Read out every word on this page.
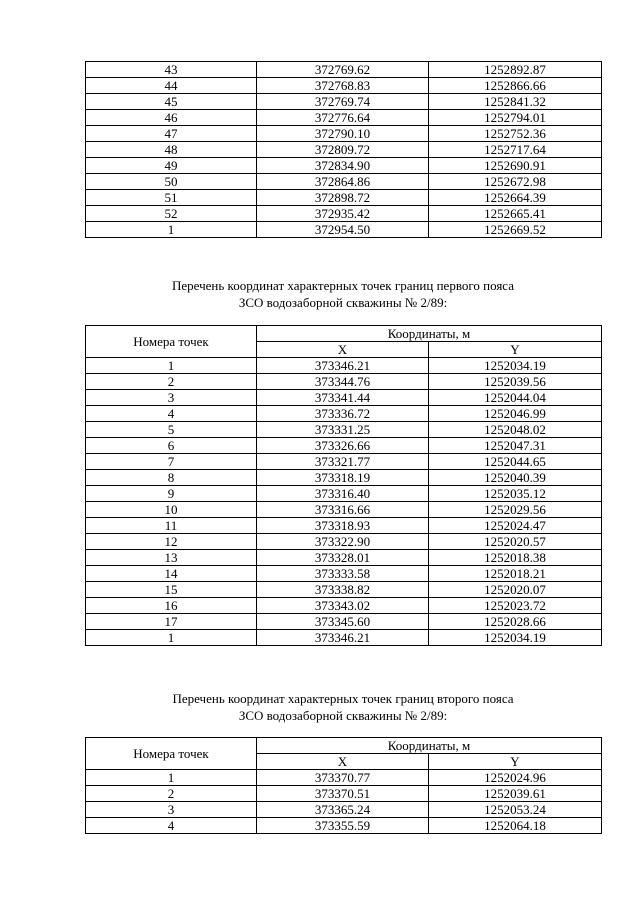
43	372769.62	1252892.87
44	372768.83	1252866.66
45	372769.74	1252841.32
46	372776.64	1252794.01
47	372790.10	1252752.36
48	372809.72	1252717.64
49	372834.90	1252690.91
50	372864.86	1252672.98
51	372898.72	1252664.39
52	372935.42	1252665.41
1	372954.50	1252669.52
Перечень координат характерных точек границ первого пояса
ЗСО водозаборной скважины № 2/89:
Номера точек	Координаты, м	
	X	Y
1	373346.21	1252034.19
2	373344.76	1252039.56
3	373341.44	1252044.04
4	373336.72	1252046.99
5	373331.25	1252048.02
6	373326.66	1252047.31
7	373321.77	1252044.65
8	373318.19	1252040.39
9	373316.40	1252035.12
10	373316.66	1252029.56
11	373318.93	1252024.47
12	373322.90	1252020.57
13	373328.01	1252018.38
14	373333.58	1252018.21
15	373338.82	1252020.07
16	373343.02	1252023.72
17	373345.60	1252028.66
1	373346.21	1252034.19
Перечень координат характерных точек границ второго пояса
ЗСО водозаборной скважины № 2/89:
Номера точек	Координаты, м	
	X	Y
1	373370.77	1252024.96
2	373370.51	1252039.61
3	373365.24	1252053.24
4	373355.59	1252064.18
